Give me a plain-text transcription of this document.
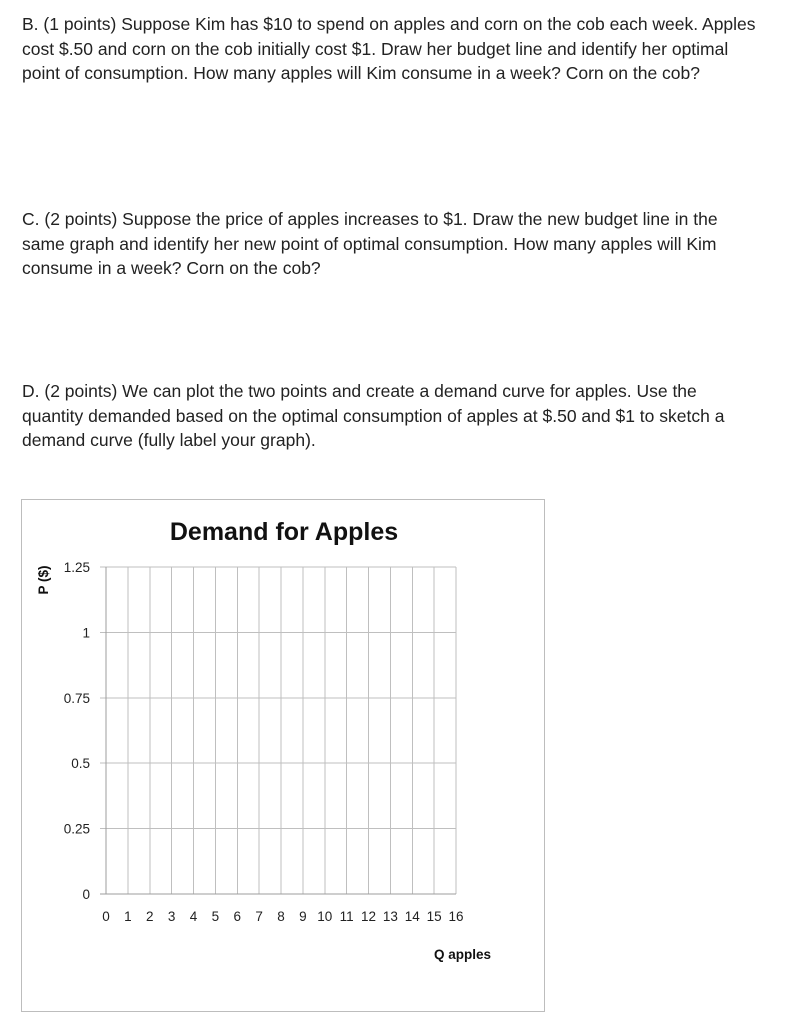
B. (1 points) Suppose Kim has $10 to spend on apples and corn on the cob each week. Apples cost $.50 and corn on the cob initially cost $1. Draw her budget line and identify her optimal point of consumption. How many apples will Kim consume in a week? Corn on the cob?

C. (2 points) Suppose the price of apples increases to $1. Draw the new budget line in the same graph and identify her new point of optimal consumption. How many apples will Kim consume in a week? Corn on the cob?

D. (2 points) We can plot the two points and create a demand curve for apples. Use the quantity demanded based on the optimal consumption of apples at $.50 and $1 to sketch a demand curve (fully label your graph).

Demand for Apples
0 1 2 3 4 5 6 7 8 9 10 11 12 13 14 15 16
0
0.25
0.5
0.75
1
1.25
P ($)
Q apples
